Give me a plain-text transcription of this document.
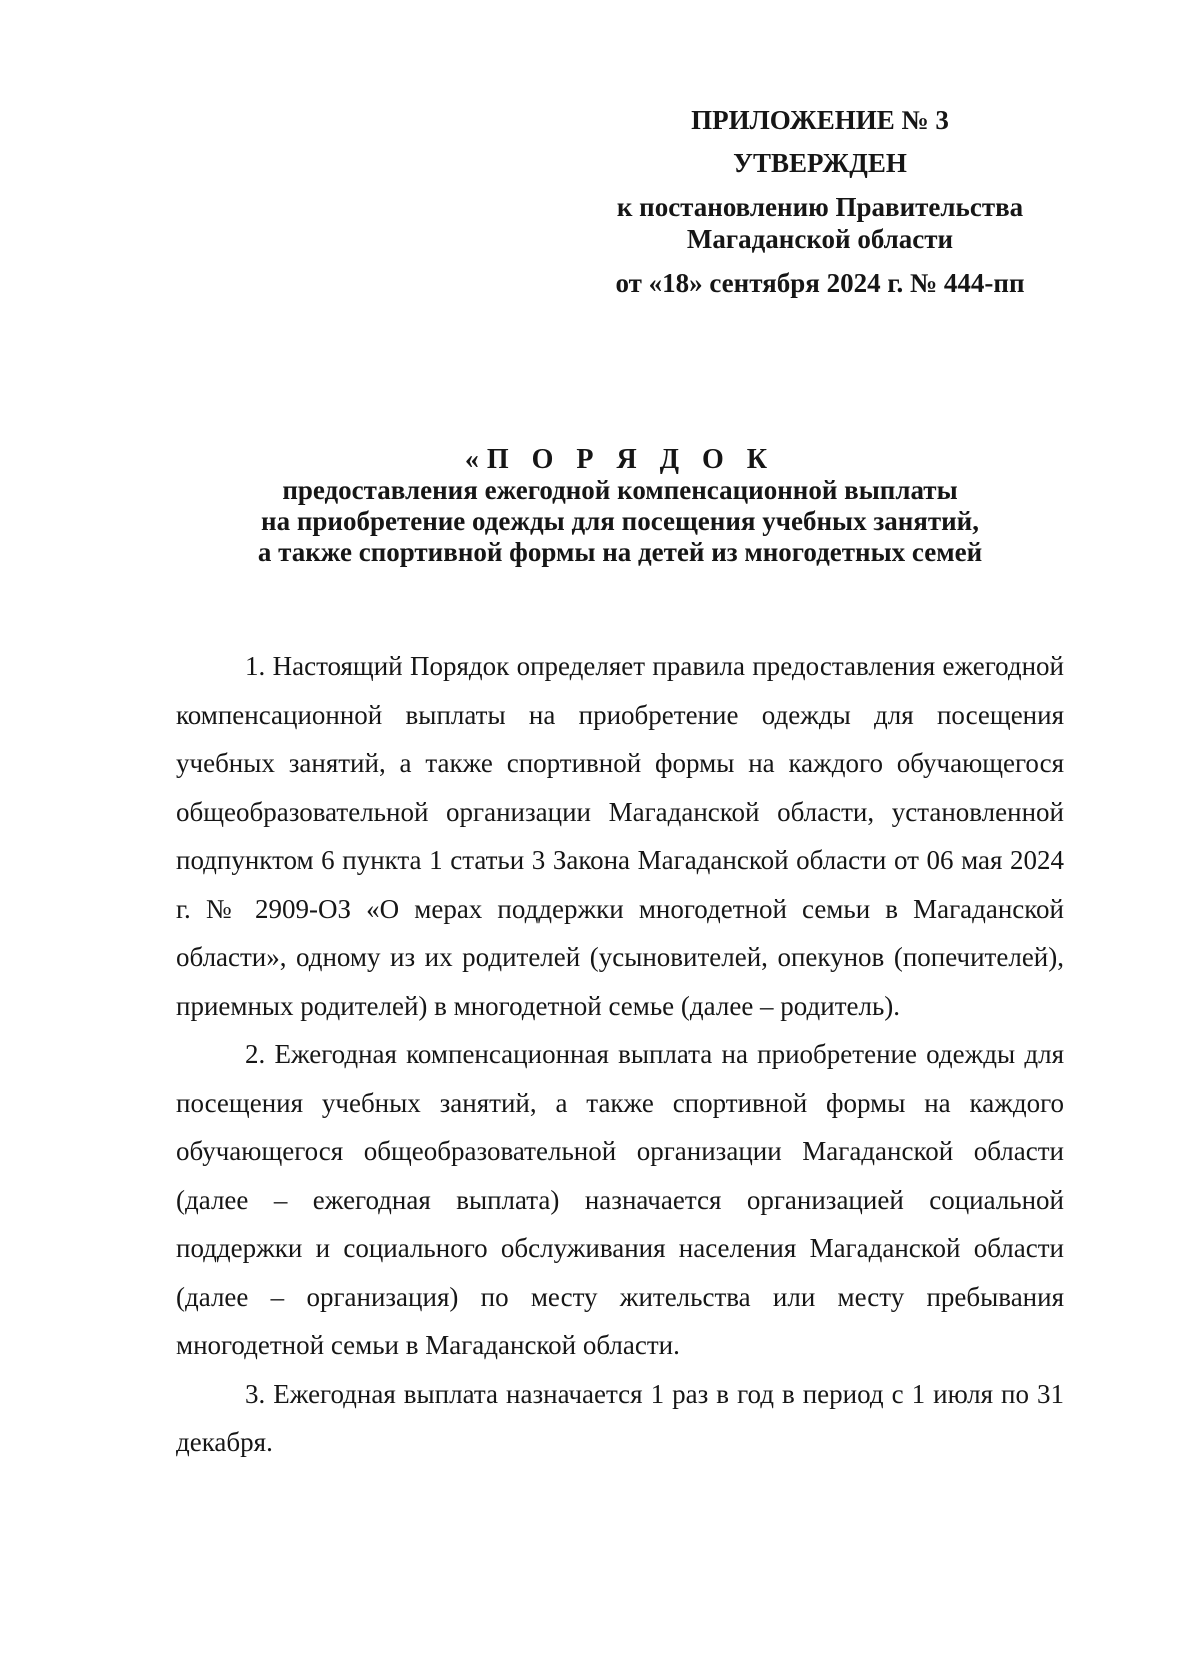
ПРИЛОЖЕНИЕ № 3

УТВЕРЖДЕН

к постановлению Правительства

Магаданской области

от «18» сентября 2024 г. № 444-пп

«П О Р Я Д О К

предоставления ежегодной компенсационной выплаты

на приобретение одежды для посещения учебных занятий,

а также спортивной формы на детей из многодетных семей

1. Настоящий Порядок определяет правила предоставления ежегодной компенсационной выплаты на приобретение одежды для посещения учебных занятий, а также спортивной формы на каждого обучающегося общеобразовательной организации Магаданской области, установленной подпунктом 6 пункта 1 статьи 3 Закона Магаданской области от 06 мая 2024 г. № 2909-ОЗ «О мерах поддержки многодетной семьи в Магаданской области», одному из их родителей (усыновителей, опекунов (попечителей), приемных родителей) в многодетной семье (далее – родитель).

2. Ежегодная компенсационная выплата на приобретение одежды для посещения учебных занятий, а также спортивной формы на каждого обучающегося общеобразовательной организации Магаданской области (далее – ежегодная выплата) назначается организацией социальной поддержки и социального обслуживания населения Магаданской области (далее – организация) по месту жительства или месту пребывания многодетной семьи в Магаданской области.

3. Ежегодная выплата назначается 1 раз в год в период с 1 июля по 31 декабря.
